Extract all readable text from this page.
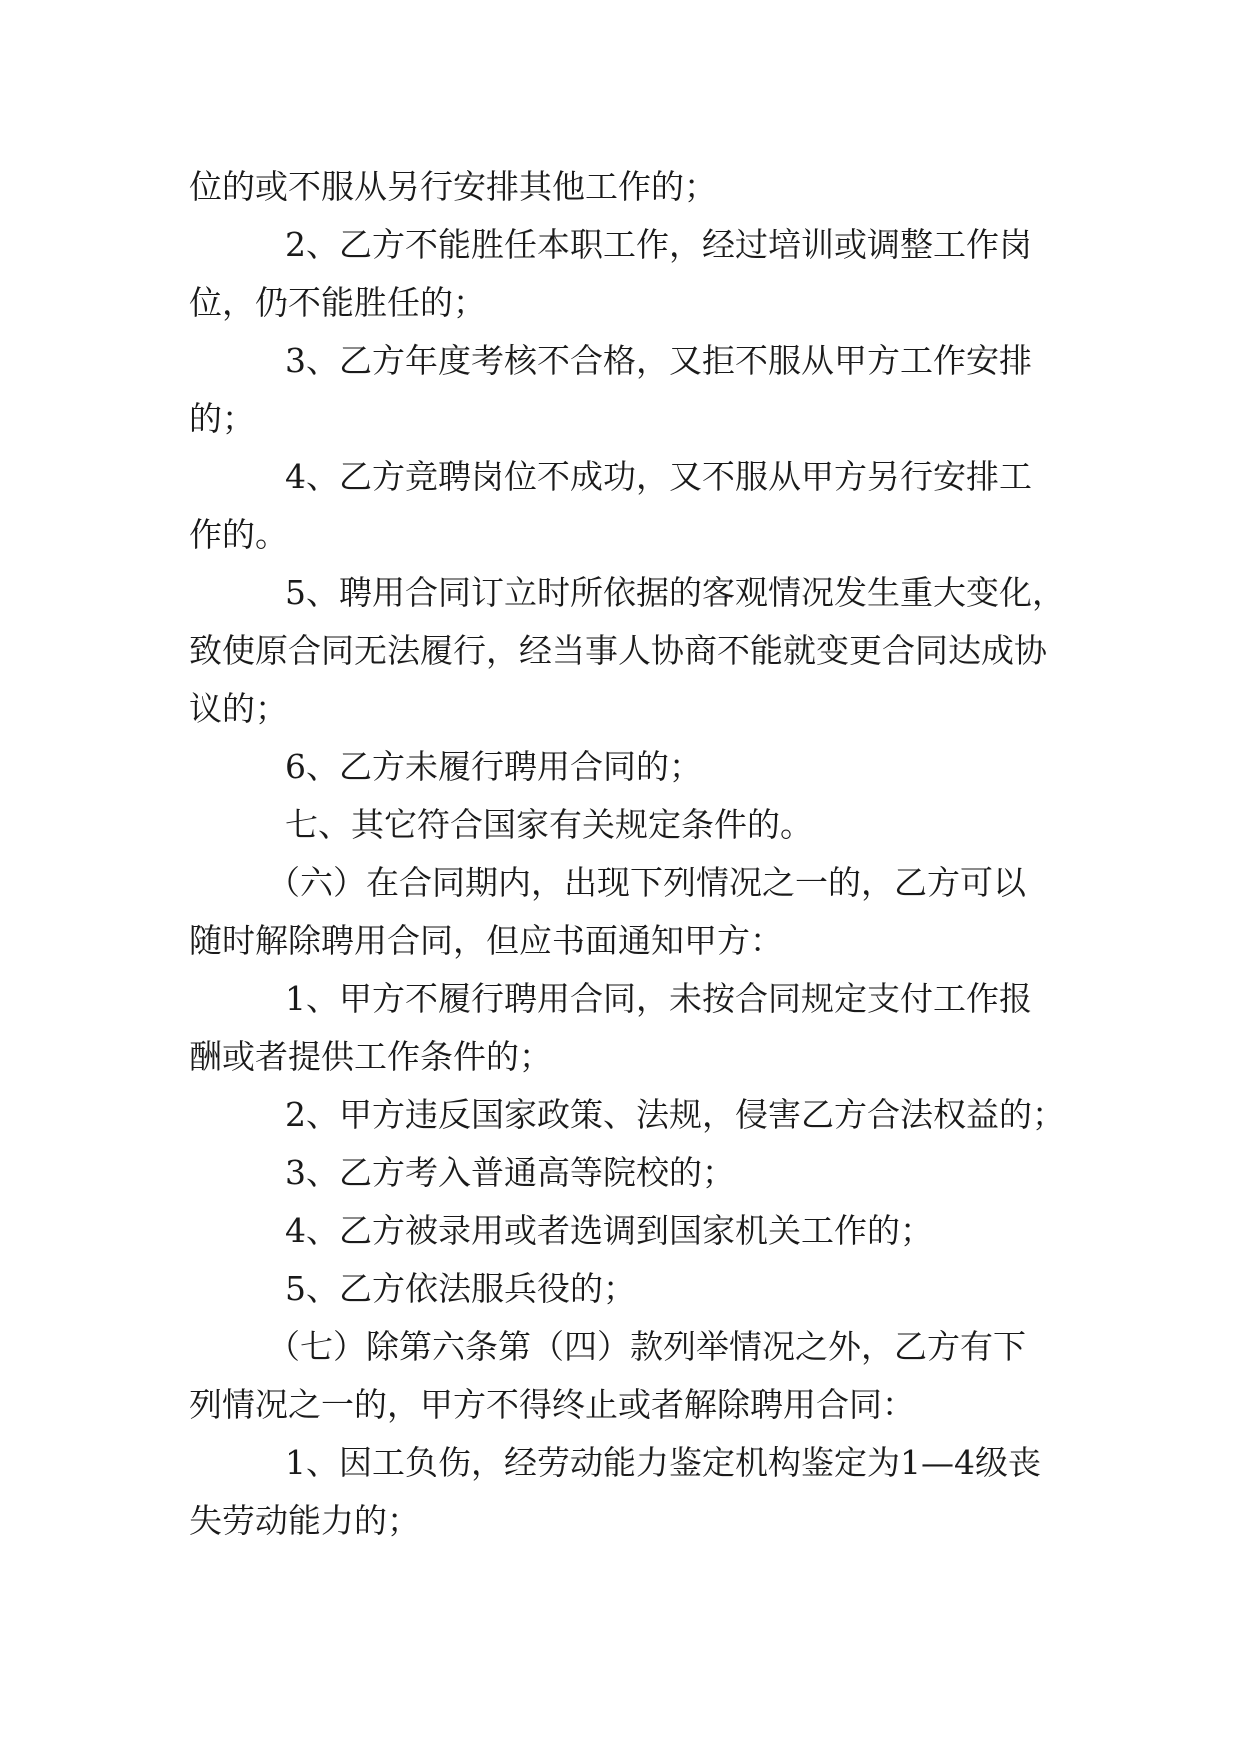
位的或不服从另行安排其他工作的；
2、乙方不能胜任本职工作，经过培训或调整工作岗
位，仍不能胜任的；
3、乙方年度考核不合格，又拒不服从甲方工作安排
的；
4、乙方竞聘岗位不成功，又不服从甲方另行安排工
作的。
5、聘用合同订立时所依据的客观情况发生重大变化，
致使原合同无法履行，经当事人协商不能就变更合同达成协
议的；
6、乙方未履行聘用合同的；
七、其它符合国家有关规定条件的。
（六）在合同期内，出现下列情况之一的，乙方可以
随时解除聘用合同，但应书面通知甲方：
1、甲方不履行聘用合同，未按合同规定支付工作报
酬或者提供工作条件的；
2、甲方违反国家政策、法规，侵害乙方合法权益的；
3、乙方考入普通高等院校的；
4、乙方被录用或者选调到国家机关工作的；
5、乙方依法服兵役的；
（七）除第六条第（四）款列举情况之外，乙方有下
列情况之一的，甲方不得终止或者解除聘用合同：
1、因工负伤，经劳动能力鉴定机构鉴定为1—4级丧
失劳动能力的；
